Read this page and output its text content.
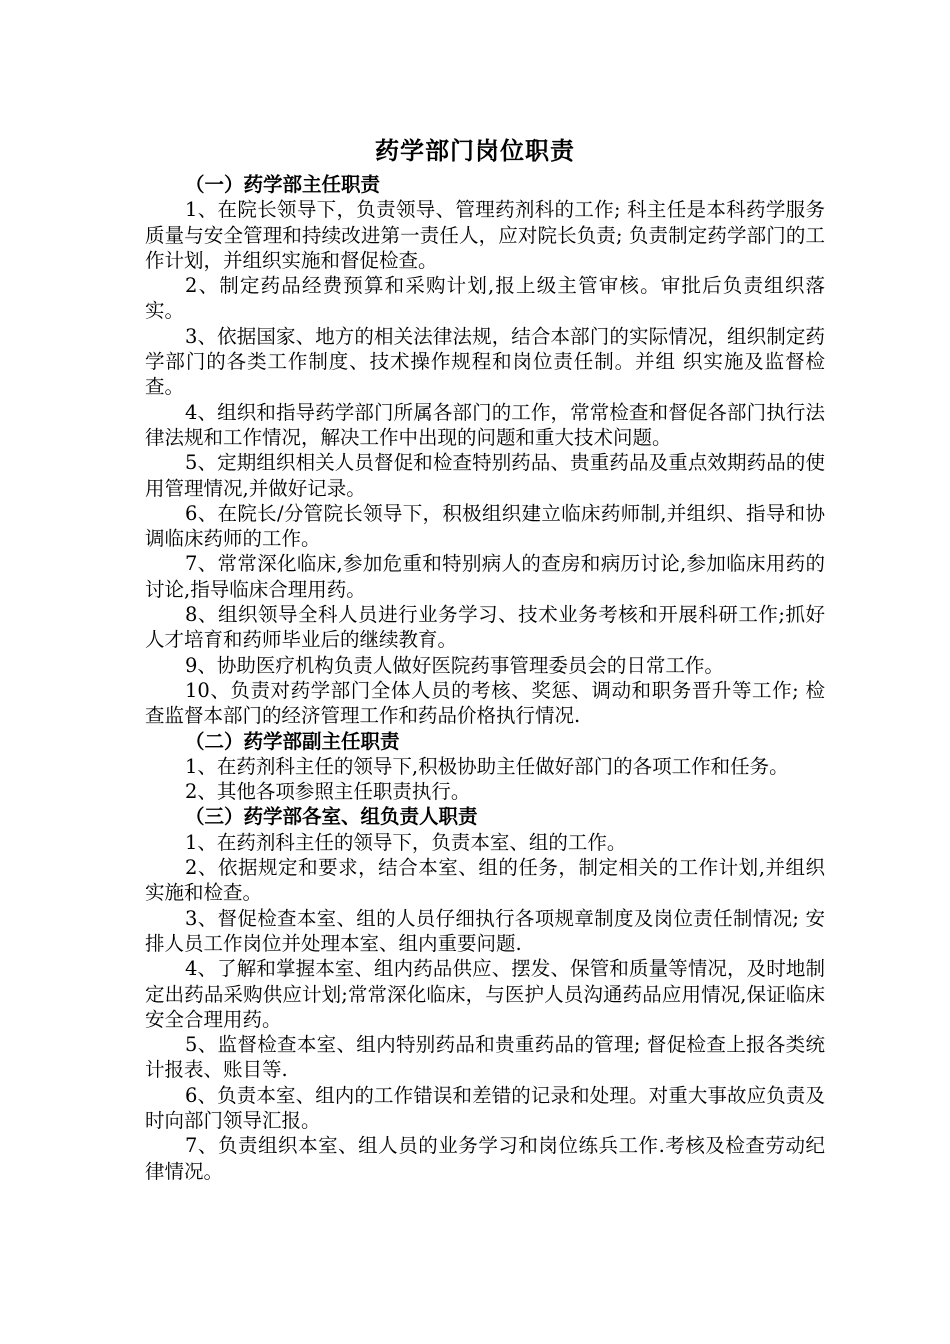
药学部门岗位职责
（一）药学部主任职责

1、在院长领导下，负责领导、管理药剂科的工作; 科主任是本科药学服务质量与安全管理和持续改进第一责任人，应对院长负责; 负责制定药学部门的工作计划，并组织实施和督促检查。

2、制定药品经费预算和采购计划,报上级主管审核。审批后负责组织落实。

3、依据国家、地方的相关法律法规，结合本部门的实际情况，组织制定药学部门的各类工作制度、技术操作规程和岗位责任制。并组 织实施及监督检查。

4、组织和指导药学部门所属各部门的工作，常常检查和督促各部门执行法律法规和工作情况，解决工作中出现的问题和重大技术问题。

5、定期组织相关人员督促和检查特别药品、贵重药品及重点效期药品的使用管理情况,并做好记录。

6、在院长/分管院长领导下，积极组织建立临床药师制,并组织、指导和协调临床药师的工作。

7、常常深化临床,参加危重和特别病人的查房和病历讨论,参加临床用药的讨论,指导临床合理用药。

8、组织领导全科人员进行业务学习、技术业务考核和开展科研工作;抓好人才培育和药师毕业后的继续教育。

9、协助医疗机构负责人做好医院药事管理委员会的日常工作。

10、负责对药学部门全体人员的考核、奖惩、调动和职务晋升等工作; 检查监督本部门的经济管理工作和药品价格执行情况.

（二）药学部副主任职责

1、在药剂科主任的领导下,积极协助主任做好部门的各项工作和任务。

2、其他各项参照主任职责执行。

（三）药学部各室、组负责人职责

1、在药剂科主任的领导下，负责本室、组的工作。

2、依据规定和要求，结合本室、组的任务，制定相关的工作计划,并组织实施和检查。

3、督促检查本室、组的人员仔细执行各项规章制度及岗位责任制情况; 安排人员工作岗位并处理本室、组内重要问题.

4、了解和掌握本室、组内药品供应、摆发、保管和质量等情况，及时地制定出药品采购供应计划;常常深化临床，与医护人员沟通药品应用情况,保证临床安全合理用药。

5、监督检查本室、组内特别药品和贵重药品的管理; 督促检查上报各类统计报表、账目等.

6、负责本室、组内的工作错误和差错的记录和处理。对重大事故应负责及时向部门领导汇报。

7、负责组织本室、组人员的业务学习和岗位练兵工作.考核及检查劳动纪律情况。
